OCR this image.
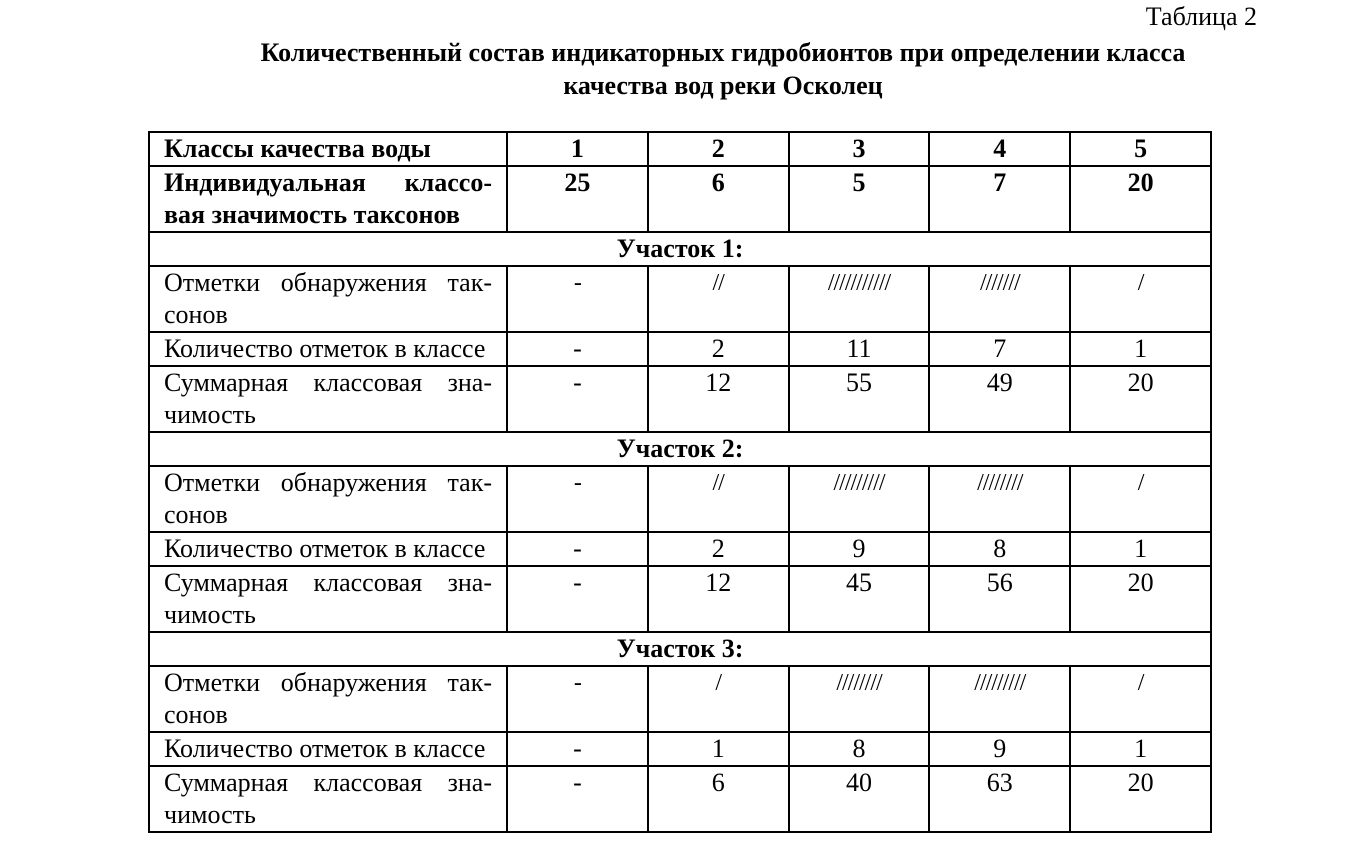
Таблица 2
Количественный состав индикаторных гидробионтов при определении класса
качества вод реки Осколец
Классы качества воды	1	2	3	4	5
Индивидуальная классо-вая значимость таксонов	25	6	5	7	20
Участок 1:					
Отметки обнаружения так-сонов	-	//	///////////	///////	/
Количество отметок в классе	-	2	11	7	1
Суммарная классовая зна-чимость	-	12	55	49	20
Участок 2:					
Отметки обнаружения так-сонов	-	//	/////////	////////	/
Количество отметок в классе	-	2	9	8	1
Суммарная классовая зна-чимость	-	12	45	56	20
Участок 3:					
Отметки обнаружения так-сонов	-	/	////////	/////////	/
Количество отметок в классе	-	1	8	9	1
Суммарная классовая зна-чимость	-	6	40	63	20
